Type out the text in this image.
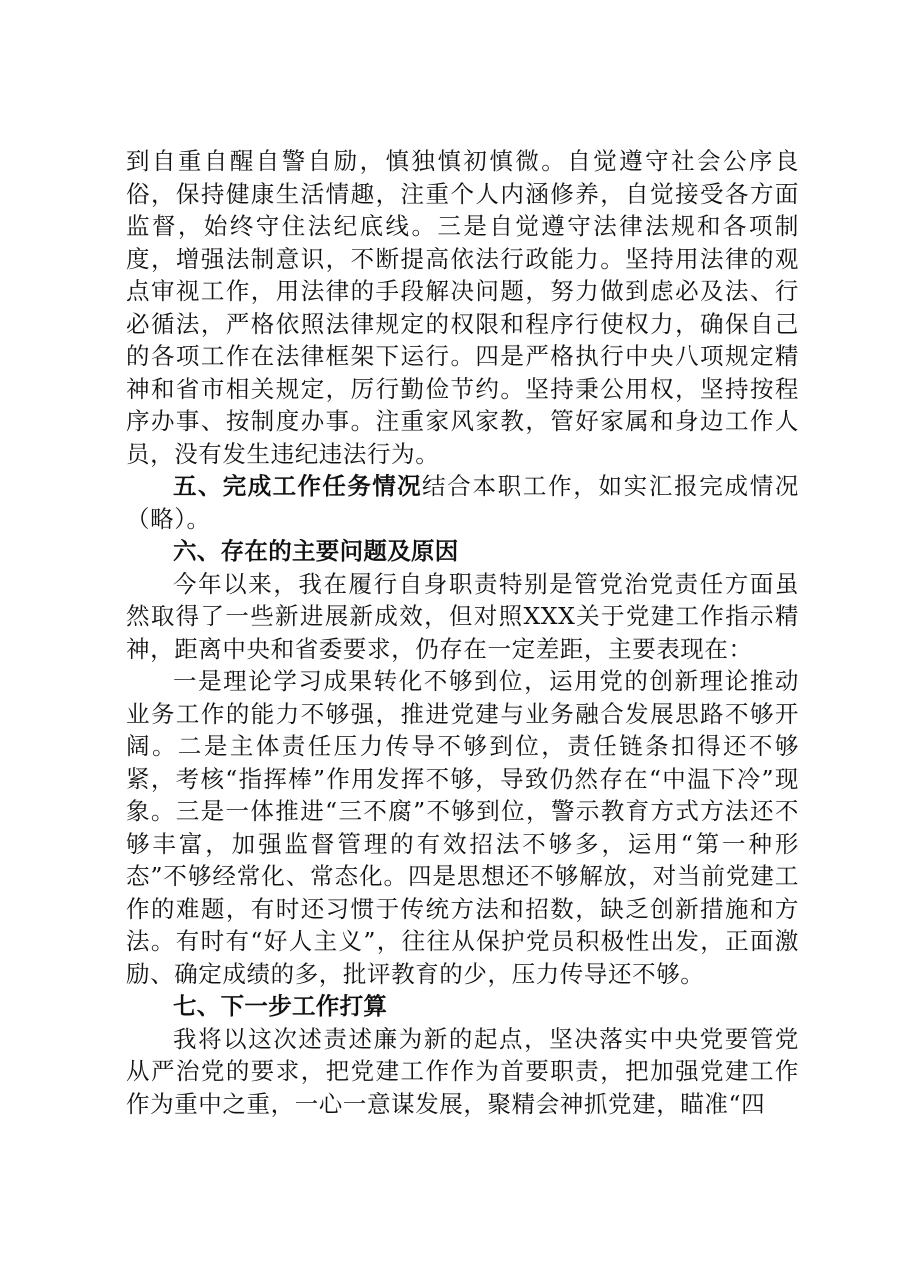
到自重自醒自警自励，慎独慎初慎微。自觉遵守社会公序良俗，保持健康生活情趣，注重个人内涵修养，自觉接受各方面监督，始终守住法纪底线。三是自觉遵守法律法规和各项制度，增强法制意识，不断提高依法行政能力。坚持用法律的观点审视工作，用法律的手段解决问题，努力做到虑必及法、行必循法，严格依照法律规定的权限和程序行使权力，确保自己的各项工作在法律框架下运行。四是严格执行中央八项规定精神和省市相关规定，厉行勤俭节约。坚持秉公用权，坚持按程序办事、按制度办事。注重家风家教，管好家属和身边工作人员，没有发生违纪违法行为。

五、完成工作任务情况结合本职工作，如实汇报完成情况（略）。

六、存在的主要问题及原因

今年以来，我在履行自身职责特别是管党治党责任方面虽然取得了一些新进展新成效，但对照XXX关于党建工作指示精神，距离中央和省委要求，仍存在一定差距，主要表现在：

一是理论学习成果转化不够到位，运用党的创新理论推动业务工作的能力不够强，推进党建与业务融合发展思路不够开阔。二是主体责任压力传导不够到位，责任链条扣得还不够紧，考核“指挥棒”作用发挥不够，导致仍然存在“中温下冷”现象。三是一体推进“三不腐”不够到位，警示教育方式方法还不够丰富，加强监督管理的有效招法不够多，运用“第一种形态”不够经常化、常态化。四是思想还不够解放，对当前党建工作的难题，有时还习惯于传统方法和招数，缺乏创新措施和方法。有时有“好人主义”，往往从保护党员积极性出发，正面激励、确定成绩的多，批评教育的少，压力传导还不够。

七、下一步工作打算

我将以这次述责述廉为新的起点，坚决落实中央党要管党从严治党的要求，把党建工作作为首要职责，把加强党建工作作为重中之重，一心一意谋发展，聚精会神抓党建，瞄准“四
